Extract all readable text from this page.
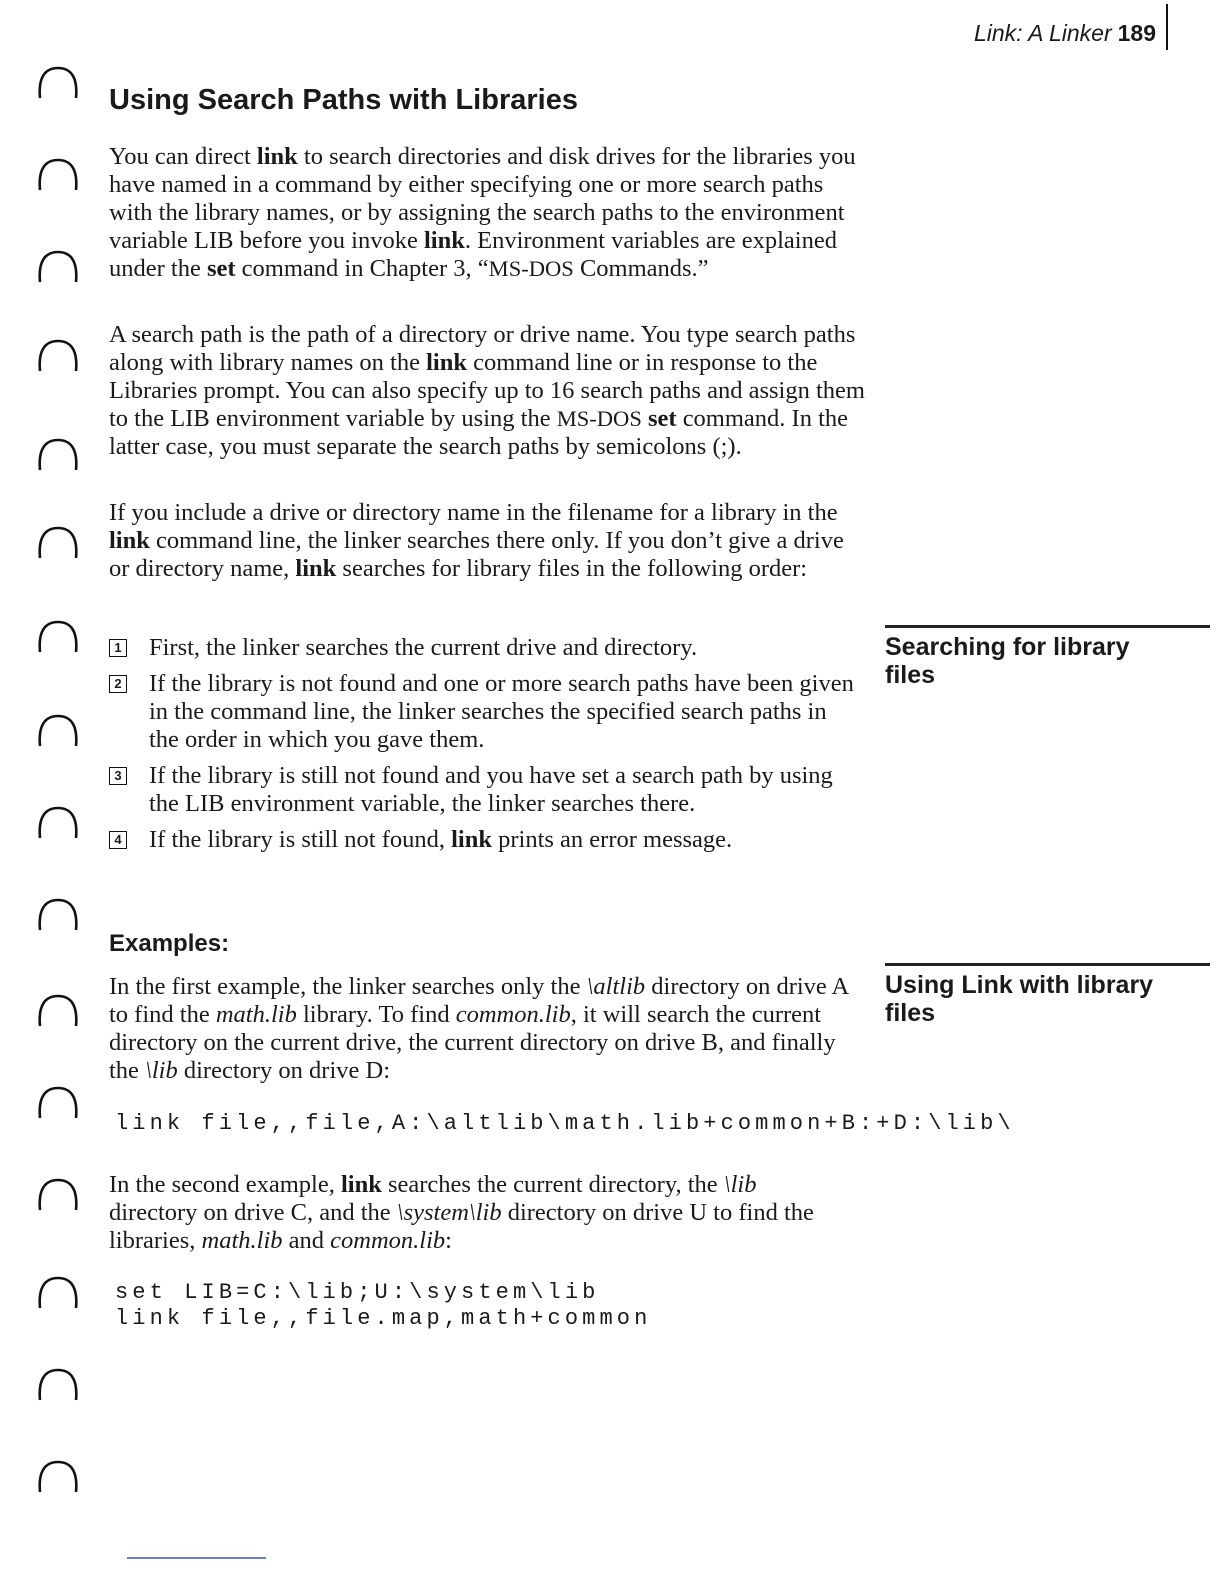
Link: A Linker 189
Using Search Paths with Libraries

You can direct link to search directories and disk drives for the libraries you have named in a command by either specifying one or more search paths with the library names, or by assigning the search paths to the environment variable LIB before you invoke link. Environment variables are explained under the set command in Chapter 3, “MS-DOS Commands.”

A search path is the path of a directory or drive name. You type search paths along with library names on the link command line or in response to the Libraries prompt. You can also specify up to 16 search paths and assign them to the LIB environment variable by using the MS-DOS set command. In the latter case, you must separate the search paths by semicolons (;).

If you include a drive or directory name in the filename for a library in the link command line, the linker searches there only. If you don’t give a drive or directory name, link searches for library files in the following order:

1 First, the linker searches the current drive and directory.
2 If the library is not found and one or more search paths have been given in the command line, the linker searches the specified search paths in the order in which you gave them.
3 If the library is still not found and you have set a search path by using the LIB environment variable, the linker searches there.
4 If the library is still not found, link prints an error message.
Searching for library files
Examples:

In the first example, the linker searches only the \altlib directory on drive A to find the math.lib library. To find common.lib, it will search the current directory on the current drive, the current directory on drive B, and finally the \lib directory on drive D:

Using Link with library files
link file,,file,A:\altlib\math.lib+common+B:+D:\lib\

In the second example, link searches the current directory, the \lib directory on drive C, and the \system\lib directory on drive U to find the libraries, math.lib and common.lib:

set LIB=C:\lib;U:\system\lib
link file,,file.map,math+common
